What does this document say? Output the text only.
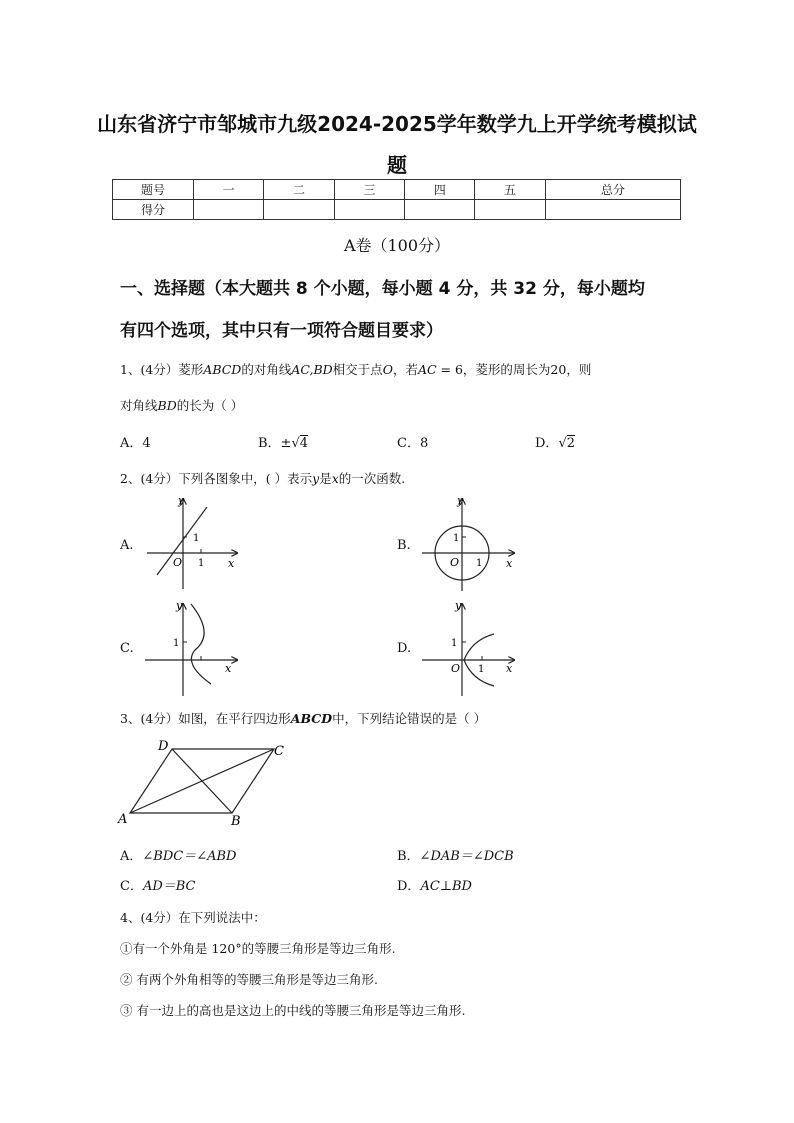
山东省济宁市邹城市九级2024-2025学年数学九上开学统考模拟试
题
题号	一	二	三	四	五	总分
得分						
A卷（100分）
一、选择题（本大题共 8 个小题，每小题 4 分，共 32 分，每小题均
有四个选项，其中只有一项符合题目要求）
1、(4分）菱形ABCD的对角线AC,BD相交于点O，若AC = 6，菱形的周长为20，则
对角线BD的长为（ ）
A．4	B．±√4	C．8	D．√2
2、(4分）下列各图象中，( ）表示y是x的一次函数.
A.	B.
C.	D.
y
x
O
1
1
y
x
O
1
1
y
x
1
y
x
O
1
1
3、(4分）如图，在平行四边形ABCD中，下列结论错误的是（ ）
A	B
C
D
A．∠BDC＝∠ABD	B．∠DAB＝∠DCB
C．AD＝BC	D．AC⊥BD
4、(4分）在下列说法中：
①有一个外角是 120°的等腰三角形是等边三角形.
② 有两个外角相等的等腰三角形是等边三角形.
③ 有一边上的高也是这边上的中线的等腰三角形是等边三角形.
